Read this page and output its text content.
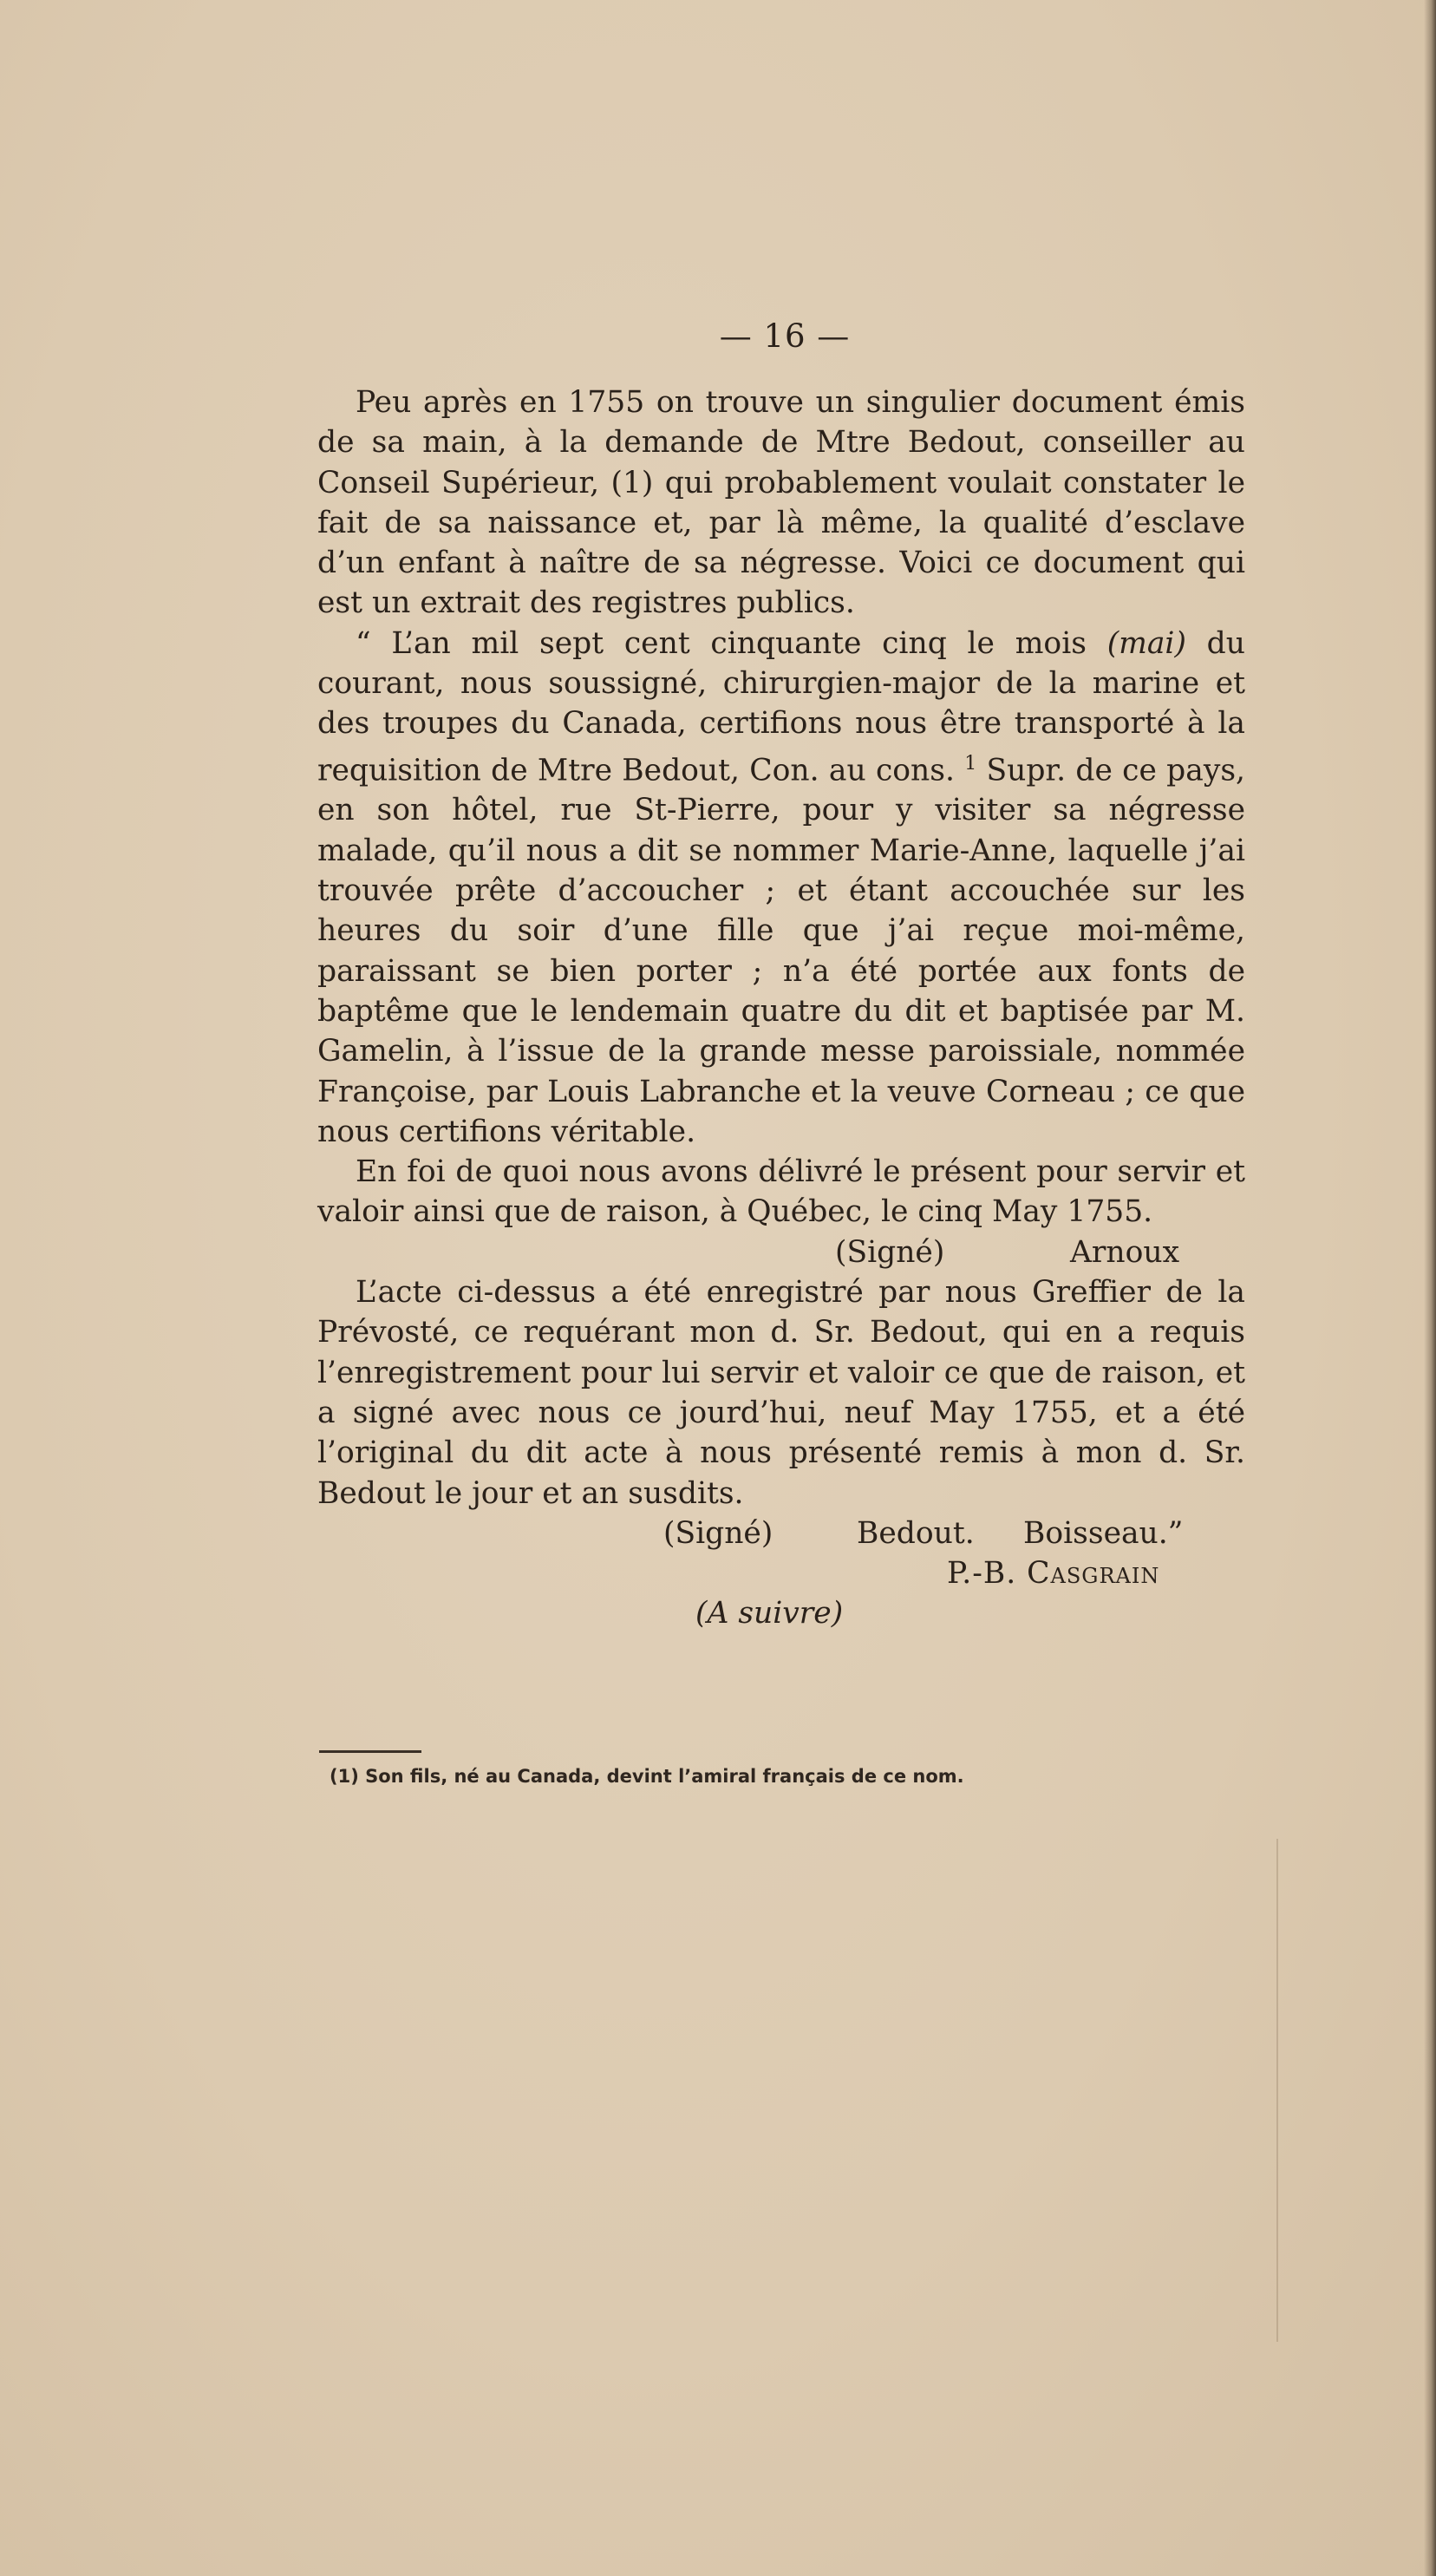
— 16 —

Peu après en 1755 on trouve un singulier document émis de sa main, à la demande de Mtre Bedout, conseiller au Conseil Supérieur, (1) qui probablement voulait constater le fait de sa naissance et, par là même, la qualité d’esclave d’un enfant à naître de sa négresse. Voici ce document qui est un extrait des registres publics.

“ L’an mil sept cent cinquante cinq le mois (mai) du courant, nous soussigné, chirurgien-major de la marine et des troupes du Canada, certifions nous être transporté à la requisition de Mtre Bedout, Con. au cons. $^1$ Supr. de ce pays, en son hôtel, rue St-Pierre, pour y visiter sa négresse malade, qu’il nous a dit se nommer Marie-Anne, laquelle j’ai trouvée prête d’accoucher ; et étant accouchée sur les heures du soir d’une fille que j’ai reçue moi-même, paraissant se bien porter ; n’a été portée aux fonts de baptême que le lendemain quatre du dit et baptisée par M. Gamelin, à l’issue de la grande messe paroissiale, nommée Françoise, par Louis Labranche et la veuve Corneau ; ce que nous certifions véritable.

En foi de quoi nous avons délivré le présent pour servir et valoir ainsi que de raison, à Québec, le cinq May 1755.

(Signé)	Arnoux

L’acte ci-dessus a été enregistré par nous Greffier de la Prévosté, ce requérant mon d. Sr. Bedout, qui en a requis l’enregistrement pour lui servir et valoir ce que de raison, et a signé avec nous ce jourd’hui, neuf May 1755, et a été l’original du dit acte à nous présenté remis à mon d. Sr. Bedout le jour et an susdits.

(Signé)	Bedout. Boisseau.”
P.-B. Casgrain
(A suivre)
(1) Son fils, né au Canada, devint l’amiral français de ce nom.
